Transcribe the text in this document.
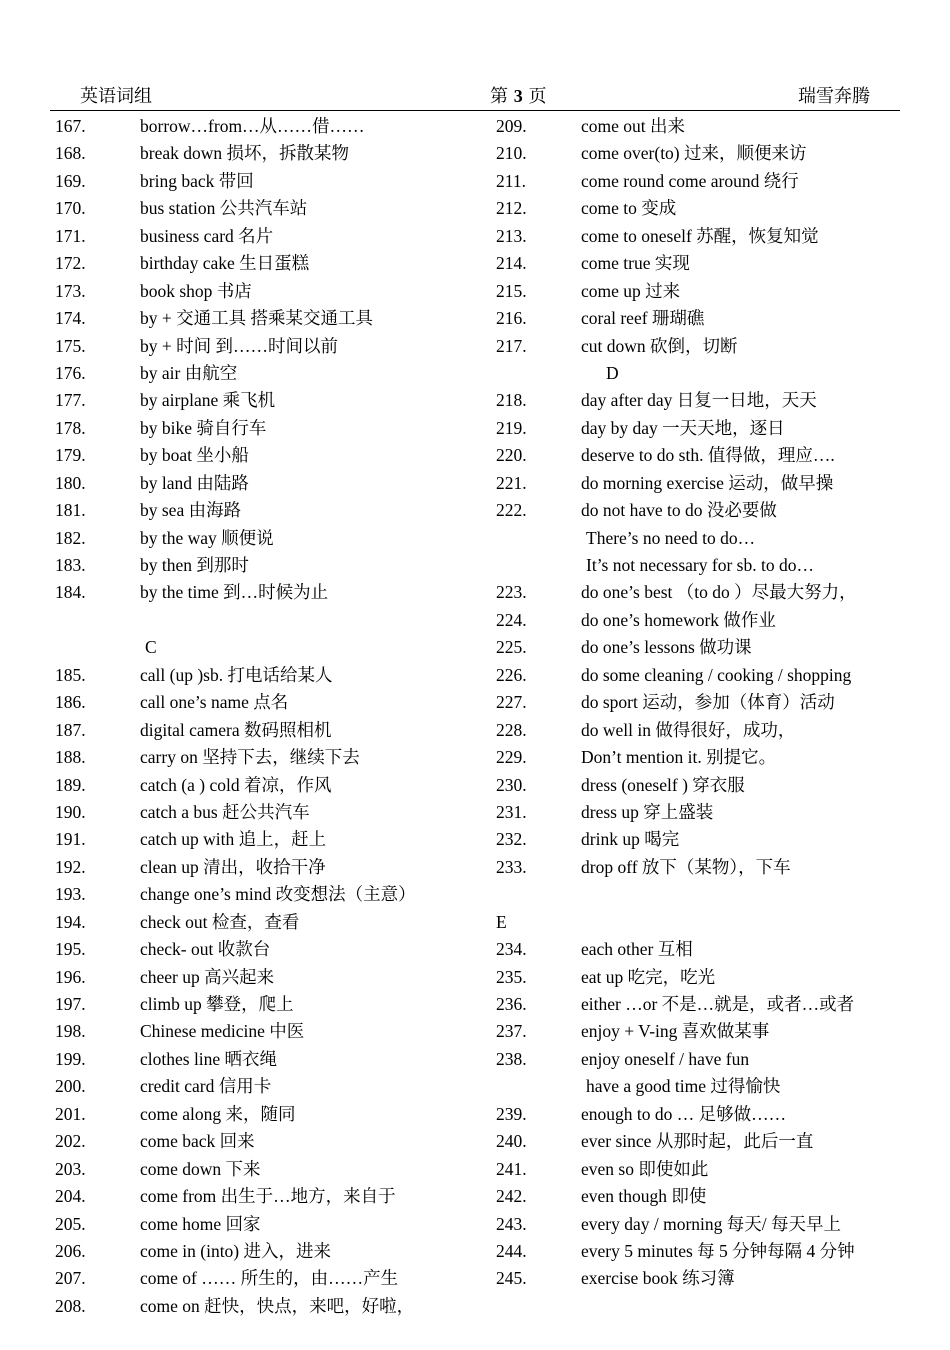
英语词组	第 3 页	瑞雪奔腾
167.	borrow…from…从……借……
168.	break down 损坏，拆散某物
169.	bring back 带回
170.	bus station 公共汽车站
171.	business card 名片
172.	birthday cake 生日蛋糕
173.	book shop 书店
174.	by + 交通工具 搭乘某交通工具
175.	by + 时间 到……时间以前
176.	by air 由航空
177.	by airplane 乘飞机
178.	by bike 骑自行车
179.	by boat 坐小船
180.	by land 由陆路
181.	by sea 由海路
182.	by the way 顺便说
183.	by then 到那时
184.	by the time 到…时候为止
C
185.	call (up )sb. 打电话给某人
186.	call one’s name 点名
187.	digital camera 数码照相机
188.	carry on 坚持下去，继续下去
189.	catch (a ) cold 着凉，作风
190.	catch a bus 赶公共汽车
191.	catch up with 追上，赶上
192.	clean up 清出，收拾干净
193.	change one’s mind 改变想法（主意）
194.	check out 检查，查看
195.	check- out 收款台
196.	cheer up 高兴起来
197.	climb up 攀登，爬上
198.	Chinese medicine 中医
199.	clothes line 晒衣绳
200.	credit card 信用卡
201.	come along 来，随同
202.	come back 回来
203.	come down 下来
204.	come from 出生于…地方，来自于
205.	come home 回家
206.	come in (into) 进入，进来
207.	come of …… 所生的，由……产生
208.	come on 赶快，快点，来吧，好啦，
209.	come out 出来
210.	come over(to) 过来，顺便来访
211.	come round come around 绕行
212.	come to 变成
213.	come to oneself 苏醒，恢复知觉
214.	come true 实现
215.	come up 过来
216.	coral reef 珊瑚礁
217.	cut down 砍倒，切断
D
218.	day after day 日复一日地，天天
219.	day by day 一天天地，逐日
220.	deserve to do sth. 值得做，理应….
221.	do morning exercise 运动，做早操
222.	do not have to do 没必要做
There’s no need to do…
It’s not necessary for sb. to do…
223.	do one’s best （to do ）尽最大努力，
224.	do one’s homework 做作业
225.	do one’s lessons 做功课
226.	do some cleaning / cooking / shopping
227.	do sport 运动，参加（体育）活动
228.	do well in 做得很好，成功，
229.	Don’t mention it. 别提它。
230.	dress (oneself ) 穿衣服
231.	dress up 穿上盛装
232.	drink up 喝完
233.	drop off 放下（某物），下车
E
234.	each other 互相
235.	eat up 吃完，吃光
236.	either …or 不是…就是，或者…或者
237.	enjoy + V-ing 喜欢做某事
238.	enjoy oneself / have fun
have a good time 过得愉快
239.	enough to do … 足够做……
240.	ever since 从那时起，此后一直
241.	even so 即使如此
242.	even though 即使
243.	every day / morning 每天/ 每天早上
244.	every 5 minutes 每 5 分钟每隔 4 分钟
245.	exercise book 练习簿
